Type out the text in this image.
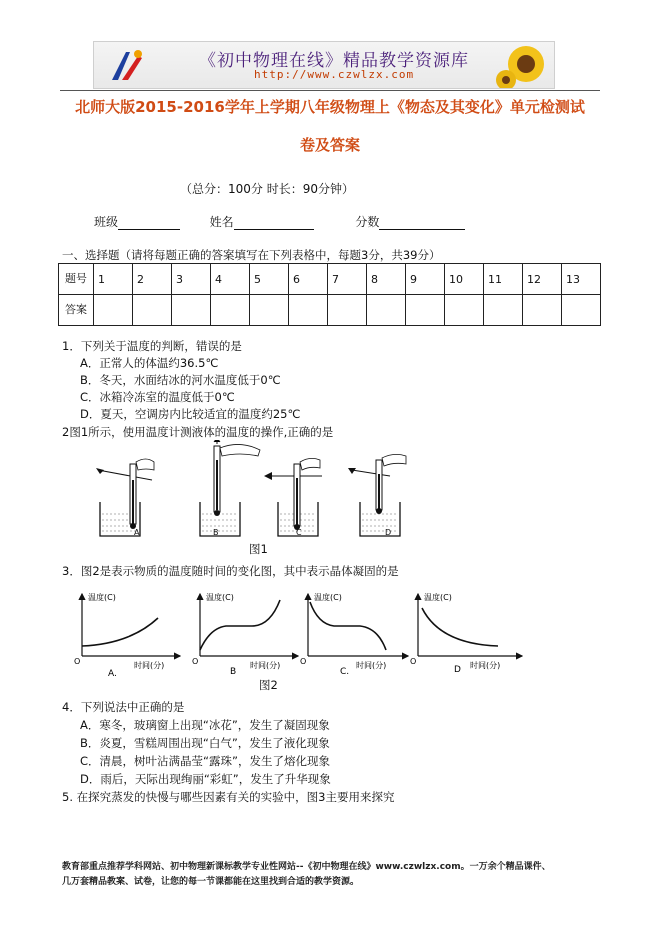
《初中物理在线》精品教学资源库
http://www.czwlzx.com
北师大版2015-2016学年上学期八年级物理上《物态及其变化》单元检测试
卷及答案
（总分：100分 时长：90分钟）
班级	姓名	分数
一、选择题（请将每题正确的答案填写在下列表格中，每题3分，共39分）
题号	1	2	3	4	5	6	7	8	9	10	11	12	13
答案													
1．下列关于温度的判断，错误的是
A．正常人的体温约36.5℃
B．冬天，水面结冰的河水温度低于0℃
C．冰箱冷冻室的温度低于0℃
D．夏天，空调房内比较适宜的温度约25℃
2图1所示，使用温度计测液体的温度的操作,正确的是
A	B	C	D
图1
3．图2是表示物质的温度随时间的变化图，其中表示晶体凝固的是
温度(C)
时间(分)
O
A.
温度(C)
时间(分)
O
B
温度(C)
时间(分)
O
C.
温度(C)
时间(分)
O
D
图2
4．下列说法中正确的是
A．寒冬，玻璃窗上出现“冰花”，发生了凝固现象
B．炎夏，雪糕周围出现“白气”，发生了液化现象
C．清晨，树叶沾满晶莹“露珠”，发生了熔化现象
D．雨后，天际出现绚丽“彩虹”，发生了升华现象
5. 在探究蒸发的快慢与哪些因素有关的实验中，图3主要用来探究
教育部重点推荐学科网站、初中物理新课标教学专业性网站--《初中物理在线》www.czwlzx.com。一万余个精品课件、
几万套精品教案、试卷，让您的每一节课都能在这里找到合适的教学资源。
